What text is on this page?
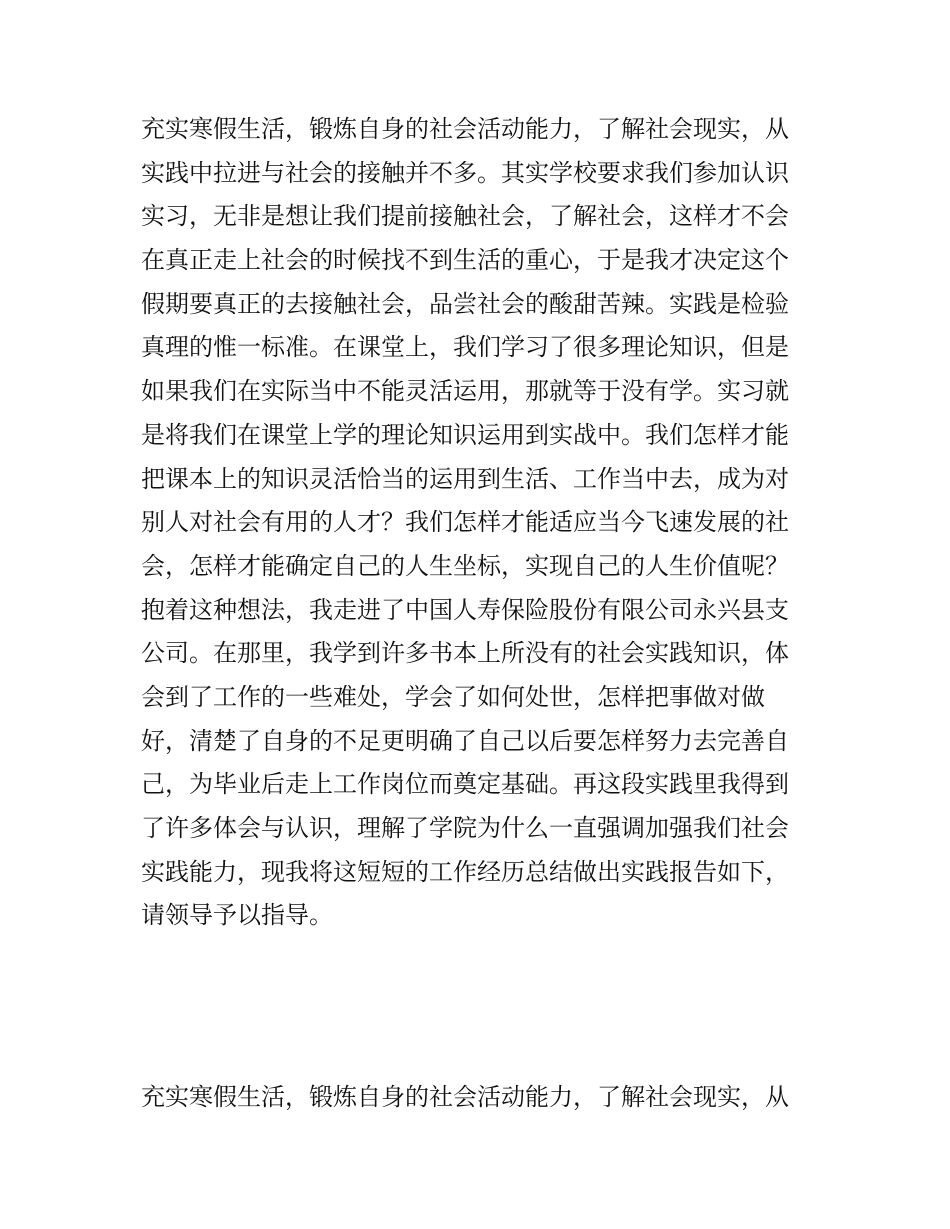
充实寒假生活，锻炼自身的社会活动能力，了解社会现实，从
实践中拉进与社会的接触并不多。其实学校要求我们参加认识
实习，无非是想让我们提前接触社会，了解社会，这样才不会
在真正走上社会的时候找不到生活的重心，于是我才决定这个
假期要真正的去接触社会，品尝社会的酸甜苦辣。实践是检验
真理的惟一标准。在课堂上，我们学习了很多理论知识，但是
如果我们在实际当中不能灵活运用，那就等于没有学。实习就
是将我们在课堂上学的理论知识运用到实战中。我们怎样才能
把课本上的知识灵活恰当的运用到生活、工作当中去，成为对
别人对社会有用的人才？我们怎样才能适应当今飞速发展的社
会，怎样才能确定自己的人生坐标，实现自己的人生价值呢？
抱着这种想法，我走进了中国人寿保险股份有限公司永兴县支
公司。在那里，我学到许多书本上所没有的社会实践知识，体
会到了工作的一些难处，学会了如何处世，怎样把事做对做
好，清楚了自身的不足更明确了自己以后要怎样努力去完善自
己，为毕业后走上工作岗位而奠定基础。再这段实践里我得到
了许多体会与认识，理解了学院为什么一直强调加强我们社会
实践能力，现我将这短短的工作经历总结做出实践报告如下，
请领导予以指导。
充实寒假生活，锻炼自身的社会活动能力，了解社会现实，从
